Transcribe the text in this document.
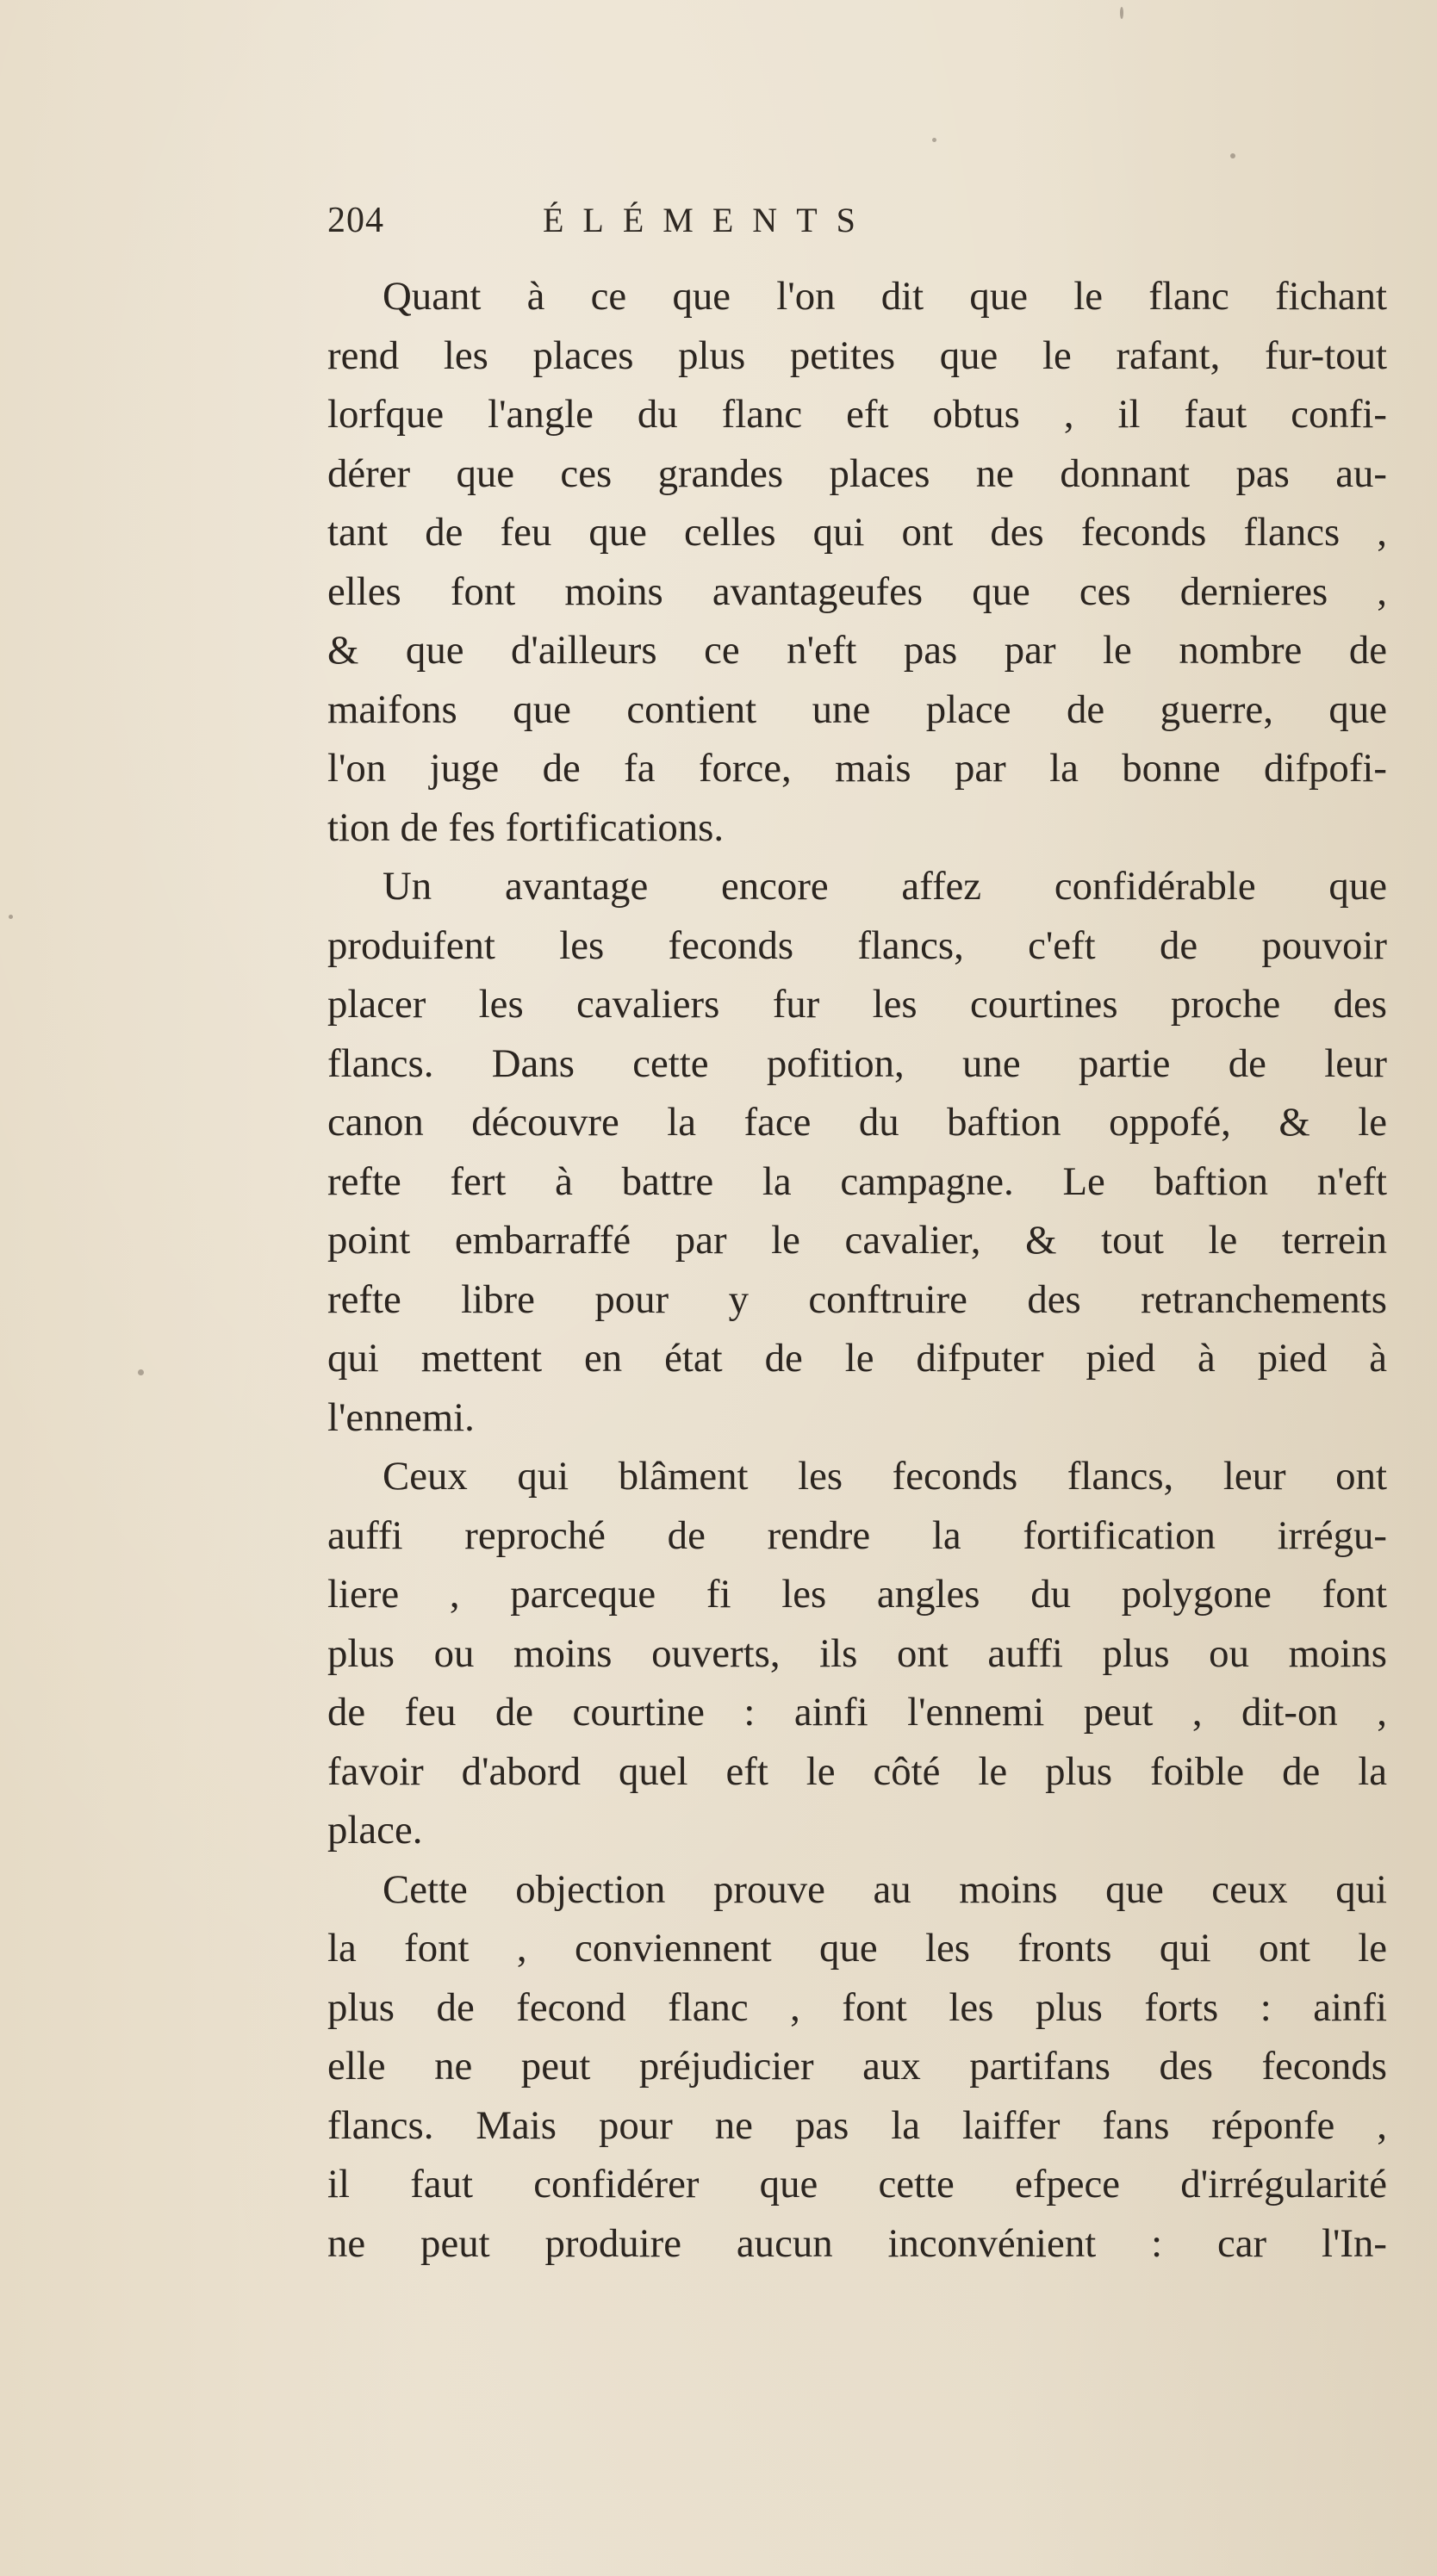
204	ÉLÉMENTS
Quant à ce que l'on dit que le flanc fichant
rend les places plus petites que le rafant, fur-tout
lorfque l'angle du flanc eft obtus , il faut confi-
dérer que ces grandes places ne donnant pas au-
tant de feu que celles qui ont des feconds flancs ,
elles font moins avantageufes que ces dernieres ,
& que d'ailleurs ce n'eft pas par le nombre de
maifons que contient une place de guerre, que
l'on juge de fa force, mais par la bonne difpofi-
tion de fes fortifications.
Un avantage encore affez confidérable que
produifent les feconds flancs, c'eft de pouvoir
placer les cavaliers fur les courtines proche des
flancs. Dans cette pofition, une partie de leur
canon découvre la face du baftion oppofé, & le
refte fert à battre la campagne. Le baftion n'eft
point embarraffé par le cavalier, & tout le terrein
refte libre pour y conftruire des retranchements
qui mettent en état de le difputer pied à pied à
l'ennemi.
Ceux qui blâment les feconds flancs, leur ont
auffi reproché de rendre la fortification irrégu-
liere , parceque fi les angles du polygone font
plus ou moins ouverts, ils ont auffi plus ou moins
de feu de courtine : ainfi l'ennemi peut , dit-on ,
favoir d'abord quel eft le côté le plus foible de la
place.
Cette objection prouve au moins que ceux qui
la font , conviennent que les fronts qui ont le
plus de fecond flanc , font les plus forts : ainfi
elle ne peut préjudicier aux partifans des feconds
flancs. Mais pour ne pas la laiffer fans réponfe ,
il faut confidérer que cette efpece d'irrégularité
ne peut produire aucun inconvénient : car l'In-
